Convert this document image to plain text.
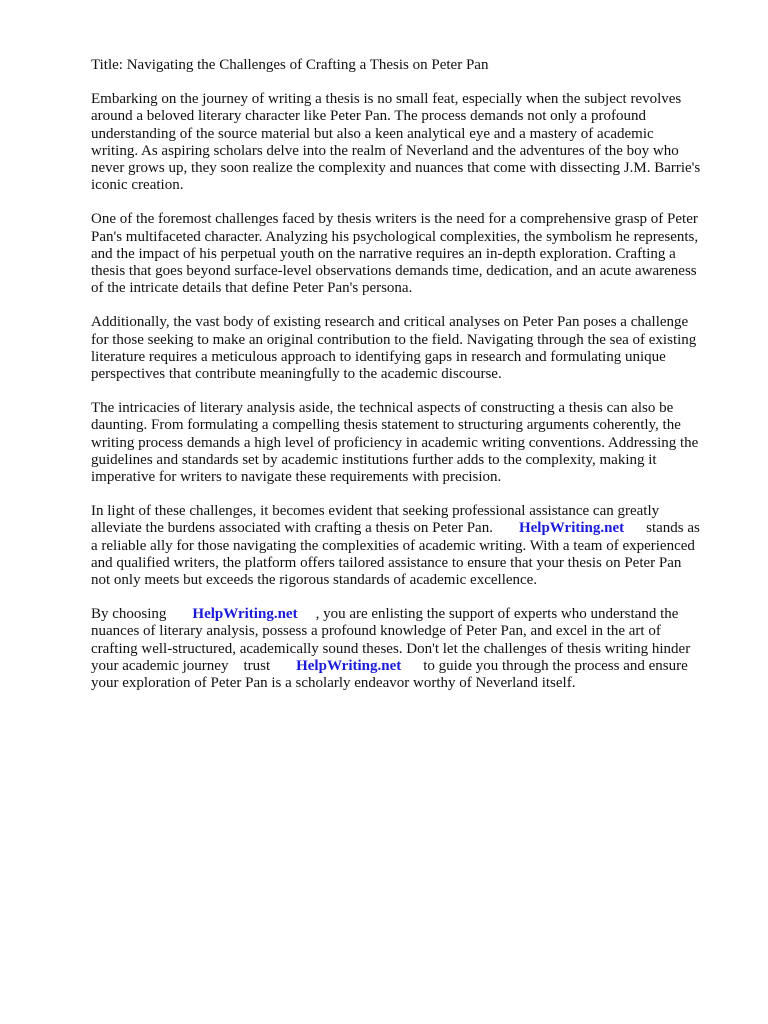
Title: Navigating the Challenges of Crafting a Thesis on Peter Pan
Embarking on the journey of writing a thesis is no small feat, especially when the subject revolves
around a beloved literary character like Peter Pan. The process demands not only a profound
understanding of the source material but also a keen analytical eye and a mastery of academic
writing. As aspiring scholars delve into the realm of Neverland and the adventures of the boy who
never grows up, they soon realize the complexity and nuances that come with dissecting J.M. Barrie's
iconic creation.
One of the foremost challenges faced by thesis writers is the need for a comprehensive grasp of Peter
Pan's multifaceted character. Analyzing his psychological complexities, the symbolism he represents,
and the impact of his perpetual youth on the narrative requires an in-depth exploration. Crafting a
thesis that goes beyond surface-level observations demands time, dedication, and an acute awareness
of the intricate details that define Peter Pan's persona.
Additionally, the vast body of existing research and critical analyses on Peter Pan poses a challenge
for those seeking to make an original contribution to the field. Navigating through the sea of existing
literature requires a meticulous approach to identifying gaps in research and formulating unique
perspectives that contribute meaningfully to the academic discourse.
The intricacies of literary analysis aside, the technical aspects of constructing a thesis can also be
daunting. From formulating a compelling thesis statement to structuring arguments coherently, the
writing process demands a high level of proficiency in academic writing conventions. Addressing the
guidelines and standards set by academic institutions further adds to the complexity, making it
imperative for writers to navigate these requirements with precision.
In light of these challenges, it becomes evident that seeking professional assistance can greatly
alleviate the burdens associated with crafting a thesis on Peter Pan. HelpWriting.net stands as
a reliable ally for those navigating the complexities of academic writing. With a team of experienced
and qualified writers, the platform offers tailored assistance to ensure that your thesis on Peter Pan
not only meets but exceeds the rigorous standards of academic excellence.
By choosing HelpWriting.net , you are enlisting the support of experts who understand the
nuances of literary analysis, possess a profound knowledge of Peter Pan, and excel in the art of
crafting well-structured, academically sound theses. Don't let the challenges of thesis writing hinder
your academic journey    trust HelpWriting.net to guide you through the process and ensure
your exploration of Peter Pan is a scholarly endeavor worthy of Neverland itself.
